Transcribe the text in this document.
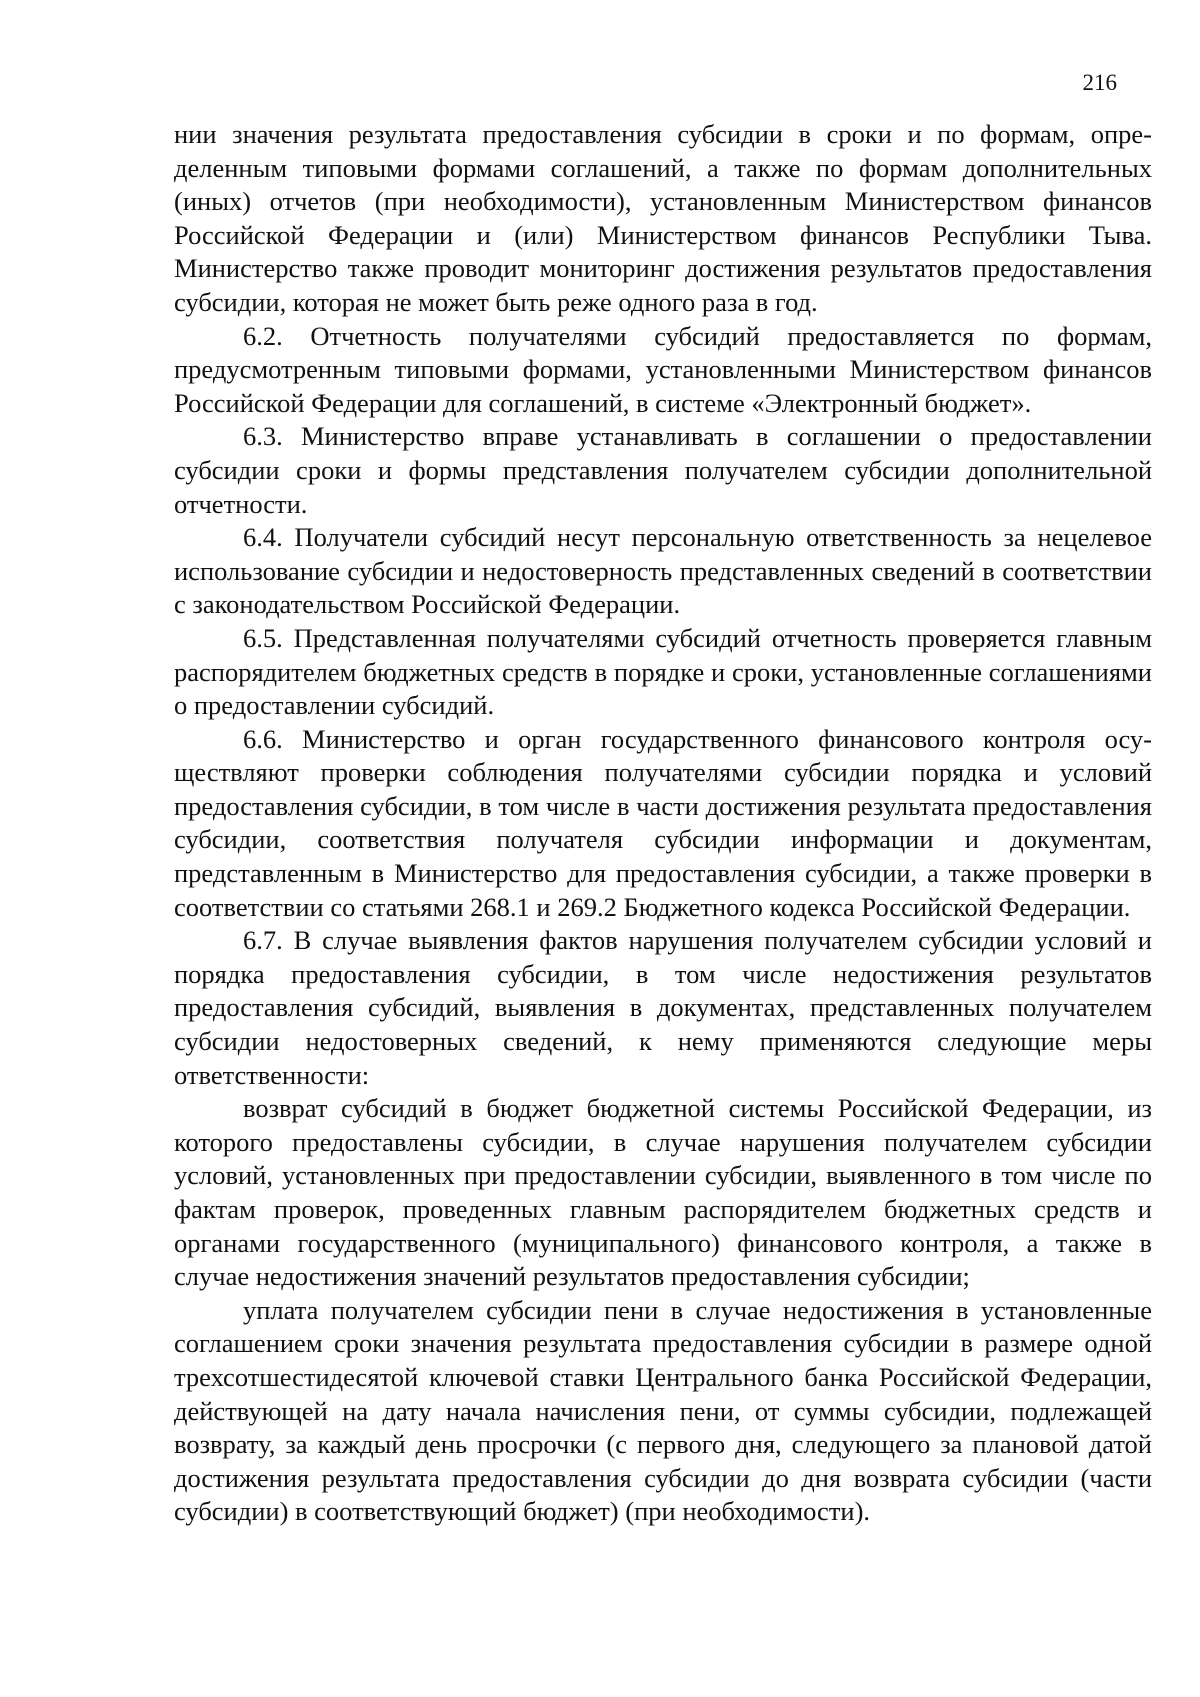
216

нии значения результата предоставления субсидии в сроки и по формам, определенным типовыми формами соглашений, а также по формам дополнительных (иных) отчетов (при необходимости), установленным Министерством финансов Российской Федерации и (или) Министерством финансов Республики Тыва. Министерство также проводит мониторинг достижения результатов предоставления субсидии, которая не может быть реже одного раза в год.

6.2. Отчетность получателями субсидий предоставляется по формам, предусмотренным типовыми формами, установленными Министерством финансов Российской Федерации для соглашений, в системе «Электронный бюджет».

6.3. Министерство вправе устанавливать в соглашении о предоставлении субсидии сроки и формы представления получателем субсидии дополнительной отчетности.

6.4. Получатели субсидий несут персональную ответственность за нецелевое использование субсидии и недостоверность представленных сведений в соответствии с законодательством Российской Федерации.

6.5. Представленная получателями субсидий отчетность проверяется главным распорядителем бюджетных средств в порядке и сроки, установленные соглашениями о предоставлении субсидий.

6.6. Министерство и орган государственного финансового контроля осуществляют проверки соблюдения получателями субсидии порядка и условий предоставления субсидии, в том числе в части достижения результата предоставления субсидии, соответствия получателя субсидии информации и документам, представленным в Министерство для предоставления субсидии, а также проверки в соответствии со статьями 268.1 и 269.2 Бюджетного кодекса Российской Федерации.

6.7. В случае выявления фактов нарушения получателем субсидии условий и порядка предоставления субсидии, в том числе недостижения результатов предоставления субсидий, выявления в документах, представленных получателем субсидии недостоверных сведений, к нему применяются следующие меры ответственности:

возврат субсидий в бюджет бюджетной системы Российской Федерации, из которого предоставлены субсидии, в случае нарушения получателем субсидии условий, установленных при предоставлении субсидии, выявленного в том числе по фактам проверок, проведенных главным распорядителем бюджетных средств и органами государственного (муниципального) финансового контроля, а также в случае недостижения значений результатов предоставления субсидии;

уплата получателем субсидии пени в случае недостижения в установленные соглашением сроки значения результата предоставления субсидии в размере одной трехсотшестидесятой ключевой ставки Центрального банка Российской Федерации, действующей на дату начала начисления пени, от суммы субсидии, подлежащей возврату, за каждый день просрочки (с первого дня, следующего за плановой датой достижения результата предоставления субсидии до дня возврата субсидии (части субсидии) в соответствующий бюджет) (при необходимости).
